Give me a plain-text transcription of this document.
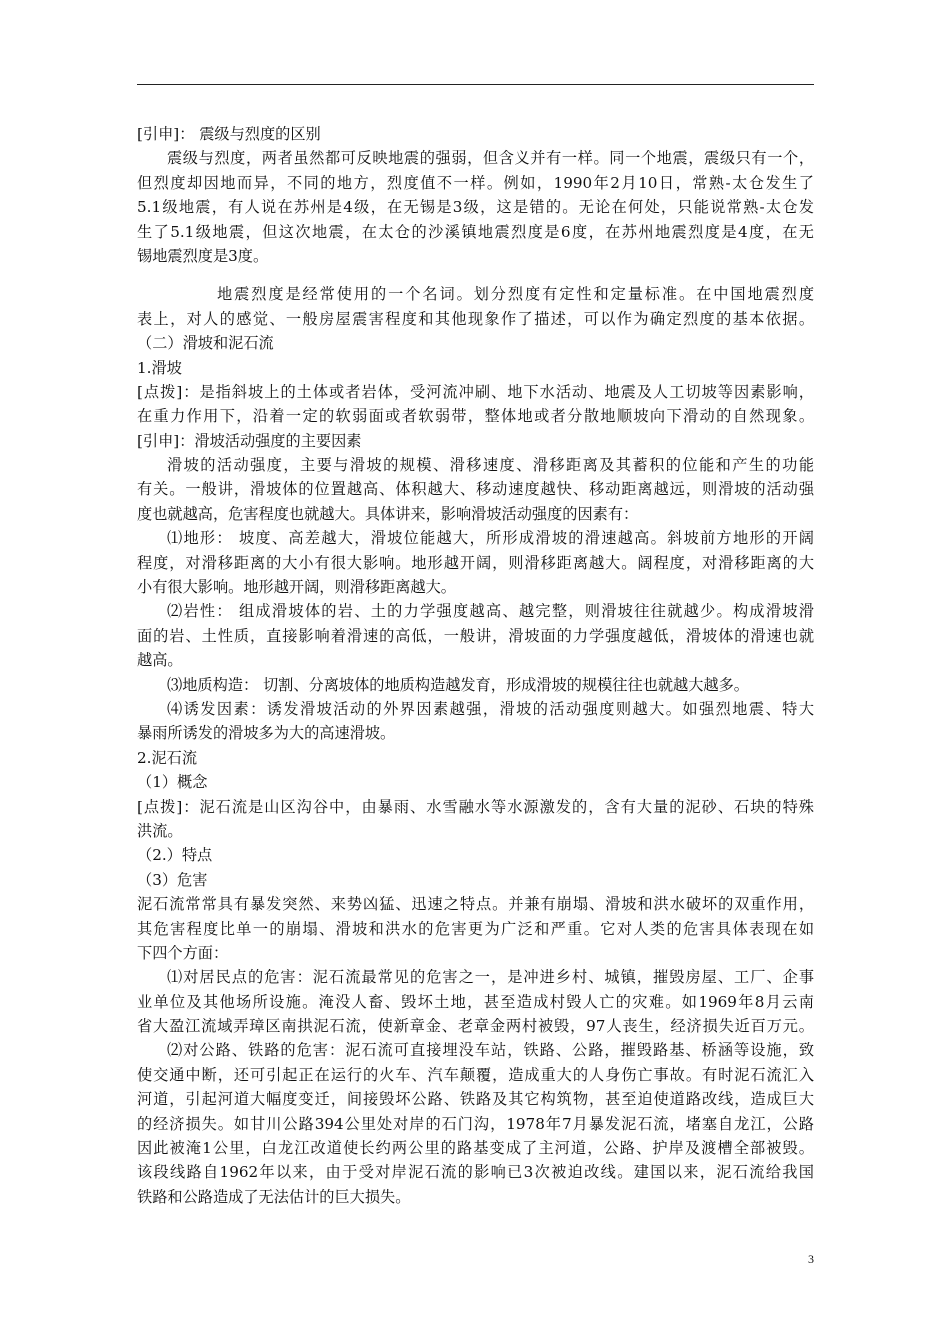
[引申]： 震级与烈度的区别
震级与烈度，两者虽然都可反映地震的强弱，但含义并有一样。同一个地震，震级只有一个，
但烈度却因地而异，不同的地方，烈度值不一样。例如，1990年2月10日，常熟-太仓发生了
5.1级地震，有人说在苏州是4级，在无锡是3级，这是错的。无论在何处，只能说常熟-太仓发
生了5.1级地震，但这次地震，在太仓的沙溪镇地震烈度是6度，在苏州地震烈度是4度，在无
锡地震烈度是3度。
地震烈度是经常使用的一个名词。划分烈度有定性和定量标准。在中国地震烈度
表上，对人的感觉、一般房屋震害程度和其他现象作了描述，可以作为确定烈度的基本依据。
（二）滑坡和泥石流
1.滑坡
[点拨]：是指斜坡上的土体或者岩体，受河流冲刷、地下水活动、地震及人工切坡等因素影响，
在重力作用下，沿着一定的软弱面或者软弱带，整体地或者分散地顺坡向下滑动的自然现象。
[引申]：滑坡活动强度的主要因素
滑坡的活动强度，主要与滑坡的规模、滑移速度、滑移距离及其蓄积的位能和产生的功能
有关。一般讲，滑坡体的位置越高、体积越大、移动速度越快、移动距离越远，则滑坡的活动强
度也就越高，危害程度也就越大。具体讲来，影响滑坡活动强度的因素有：
⑴地形： 坡度、高差越大，滑坡位能越大，所形成滑坡的滑速越高。斜坡前方地形的开阔
程度，对滑移距离的大小有很大影响。地形越开阔，则滑移距离越大。阔程度，对滑移距离的大
小有很大影响。地形越开阔，则滑移距离越大。
⑵岩性： 组成滑坡体的岩、土的力学强度越高、越完整，则滑坡往往就越少。构成滑坡滑
面的岩、土性质，直接影响着滑速的高低，一般讲，滑坡面的力学强度越低，滑坡体的滑速也就
越高。
⑶地质构造： 切割、分离坡体的地质构造越发育，形成滑坡的规模往往也就越大越多。
⑷诱发因素：诱发滑坡活动的外界因素越强，滑坡的活动强度则越大。如强烈地震、特大
暴雨所诱发的滑坡多为大的高速滑坡。
2.泥石流
（1）概念
[点拨]：泥石流是山区沟谷中，由暴雨、水雪融水等水源激发的，含有大量的泥砂、石块的特殊
洪流。
（2.）特点
（3）危害
泥石流常常具有暴发突然、来势凶猛、迅速之特点。并兼有崩塌、滑坡和洪水破坏的双重作用，
其危害程度比单一的崩塌、滑坡和洪水的危害更为广泛和严重。它对人类的危害具体表现在如
下四个方面：
⑴对居民点的危害：泥石流最常见的危害之一，是冲进乡村、城镇，摧毁房屋、工厂、企事
业单位及其他场所设施。淹没人畜、毁坏土地，甚至造成村毁人亡的灾难。如1969年8月云南
省大盈江流域弄璋区南拱泥石流，使新章金、老章金两村被毁，97人丧生，经济损失近百万元。
⑵对公路、铁路的危害：泥石流可直接埋没车站，铁路、公路，摧毁路基、桥涵等设施，致
使交通中断，还可引起正在运行的火车、汽车颠覆，造成重大的人身伤亡事故。有时泥石流汇入
河道，引起河道大幅度变迁，间接毁坏公路、铁路及其它构筑物，甚至迫使道路改线，造成巨大
的经济损失。如甘川公路394公里处对岸的石门沟，1978年7月暴发泥石流，堵塞自龙江，公路
因此被淹1公里，白龙江改道使长约两公里的路基变成了主河道，公路、护岸及渡槽全部被毁。
该段线路自1962年以来，由于受对岸泥石流的影响已3次被迫改线。建国以来，泥石流给我国
铁路和公路造成了无法估计的巨大损失。
3
